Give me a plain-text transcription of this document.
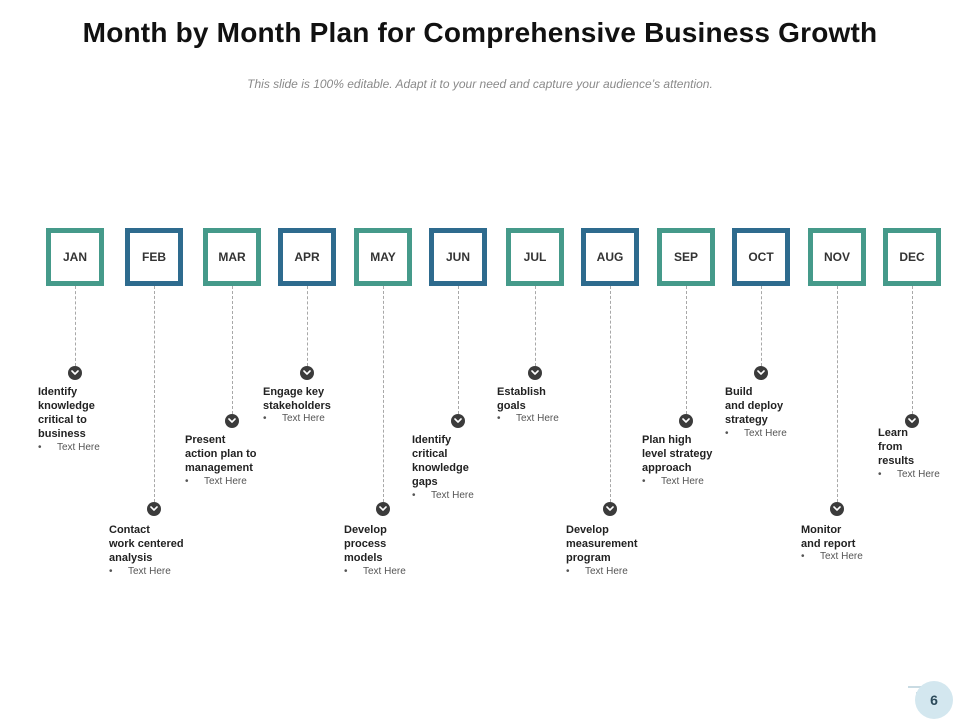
Month by Month Plan for Comprehensive Business Growth
This slide is 100% editable. Adapt it to your need and capture your audience’s attention.
JAN
Identify
knowledge
critical to
business
• Text Here
FEB
Contact
work centered
analysis
• Text Here
MAR
Present
action plan to
management
• Text Here
APR
Engage key
stakeholders
• Text Here
MAY
Develop
process
models
• Text Here
JUN
Identify
critical
knowledge
gaps
• Text Here
JUL
Establish
goals
• Text Here
AUG
Develop
measurement
program
• Text Here
SEP
Plan high
level strategy
approach
• Text Here
OCT
Build
and deploy
strategy
• Text Here
NOV
Monitor
and report
• Text Here
DEC
Learn
from
results
• Text Here
6
